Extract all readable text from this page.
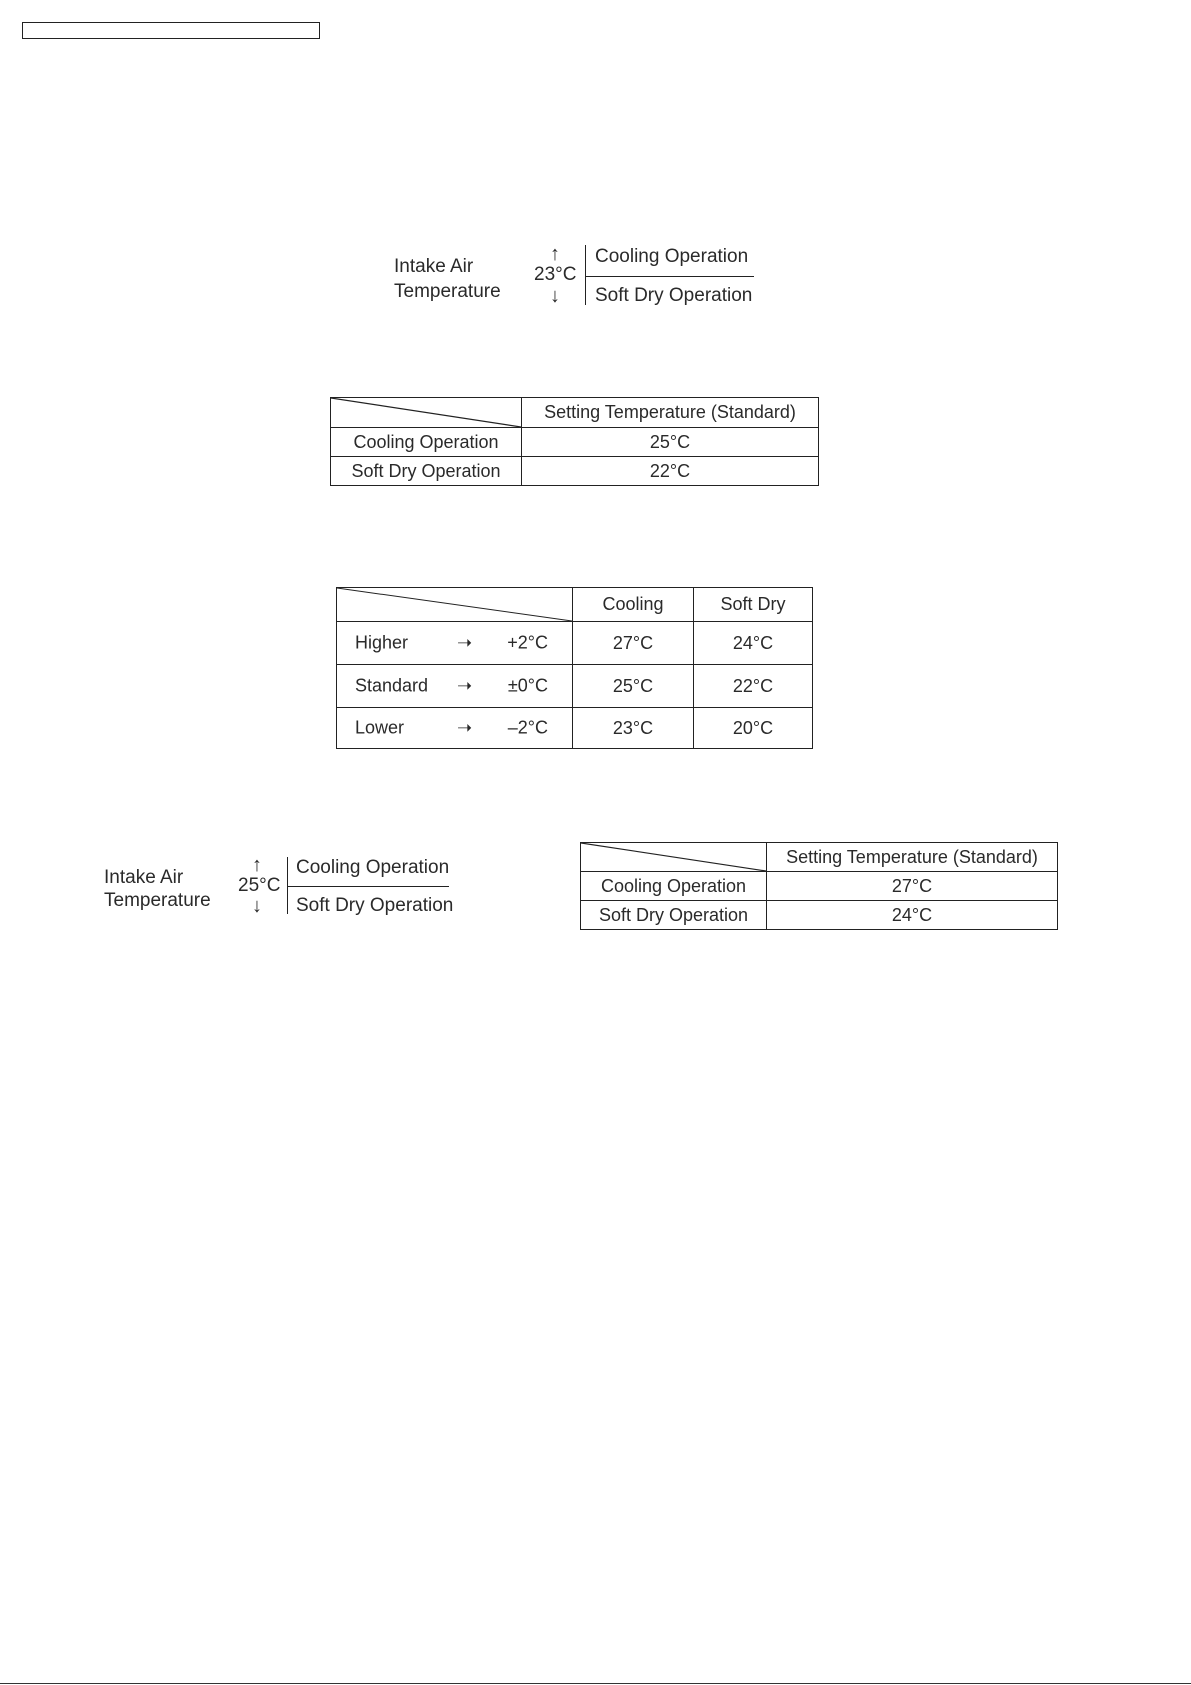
Intake Air
Temperature
↑
23°C
↓
Cooling Operation
Soft Dry Operation
	Setting Temperature (Standard)
Cooling Operation	25°C
Soft Dry Operation	22°C
	Cooling	Soft Dry

Higher ➝ +2°C	27°C	24°C

Standard ➝ ±0°C	25°C	22°C

Lower ➝ –2°C	23°C	20°C
Intake Air
Temperature
↑
25°C
↓
Cooling Operation
Soft Dry Operation
	Setting Temperature (Standard)
Cooling Operation	27°C
Soft Dry Operation	24°C
